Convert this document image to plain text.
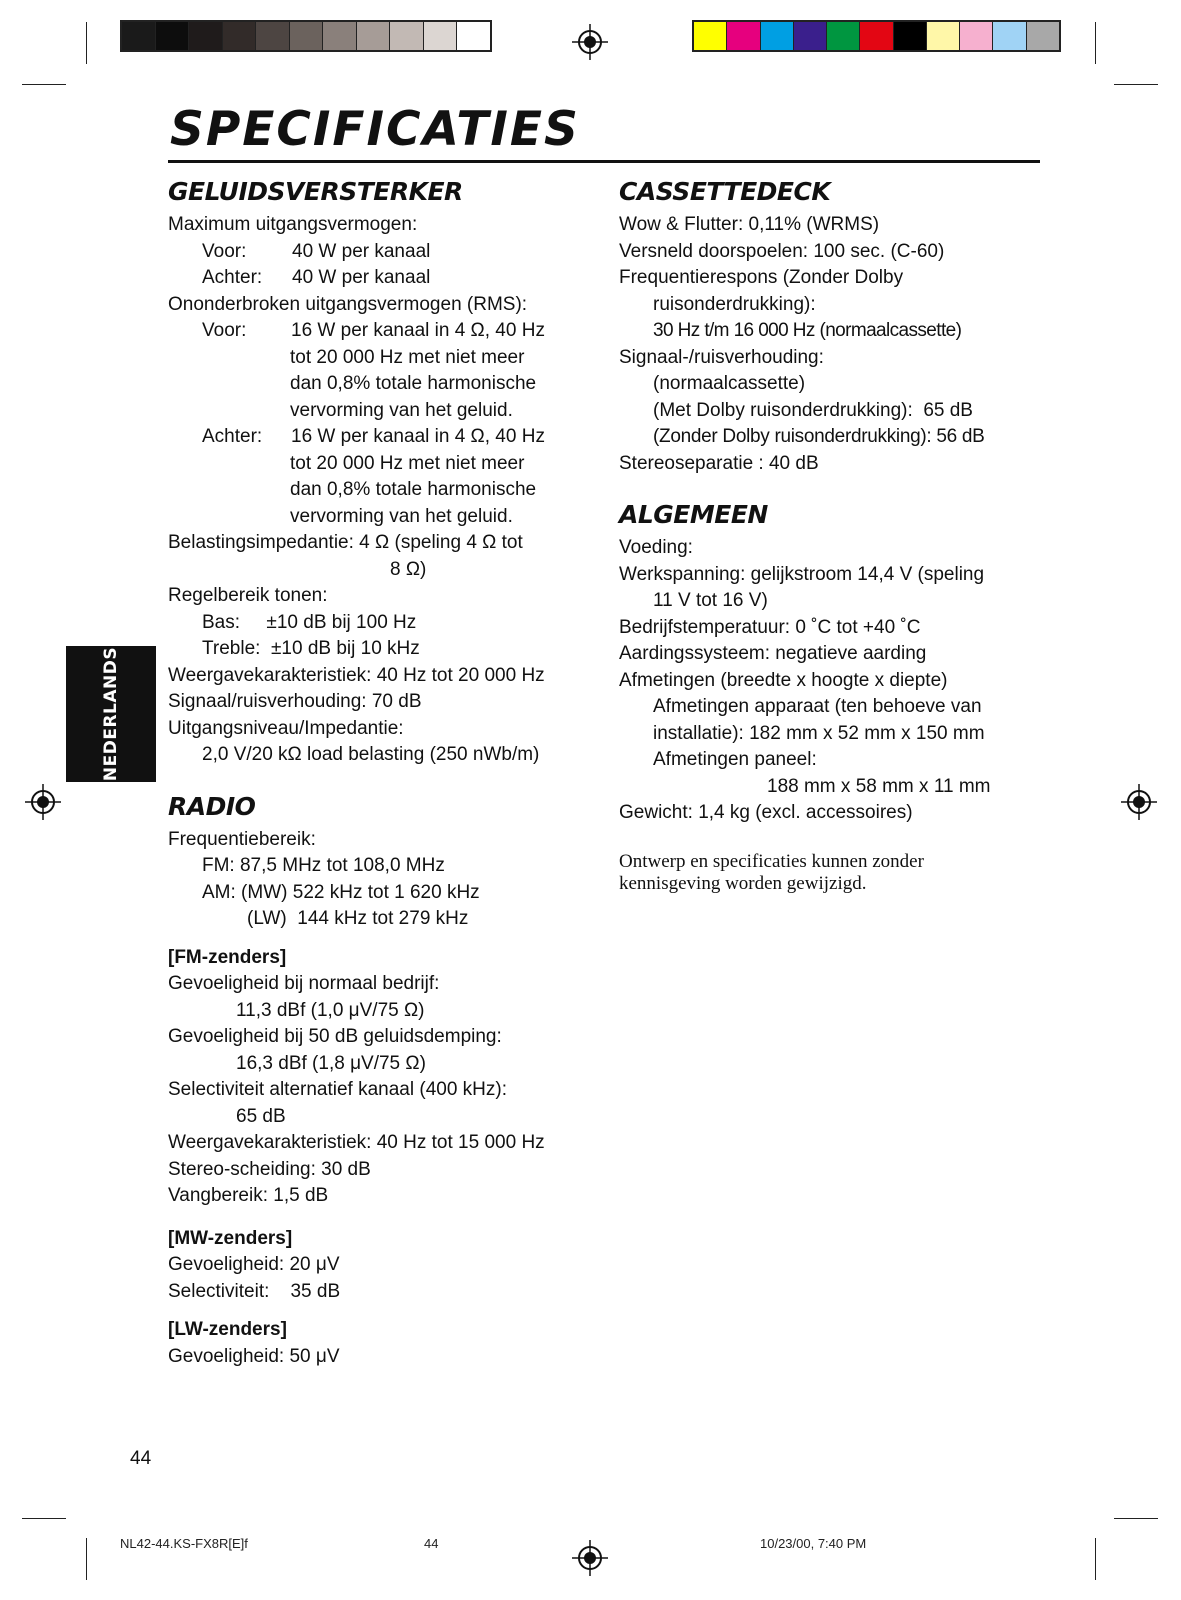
SPECIFICATIES
NEDERLANDS
GELUIDSVERSTERKER
Maximum uitgangsvermogen:
Voor:	40 W per kanaal
Achter:	40 W per kanaal
Ononderbroken uitgangsvermogen (RMS):
Voor:	16 W per kanaal in 4 Ω, 40 Hz
tot 20 000 Hz met niet meer
dan 0,8% totale harmonische
vervorming van het geluid.
Achter:	16 W per kanaal in 4 Ω, 40 Hz
tot 20 000 Hz met niet meer
dan 0,8% totale harmonische
vervorming van het geluid.
Belastingsimpedantie: 4 Ω (speling 4 Ω tot
8 Ω)
Regelbereik tonen:
Bas:     ±10 dB bij 100 Hz
Treble:  ±10 dB bij 10 kHz
Weergavekarakteristiek: 40 Hz tot 20 000 Hz
Signaal/ruisverhouding: 70 dB
Uitgangsniveau/Impedantie:
2,0 V/20 kΩ load belasting (250 nWb/m)
RADIO
Frequentiebereik:
FM: 87,5 MHz tot 108,0 MHz
AM: (MW) 522 kHz tot 1 620 kHz
(LW)  144 kHz tot 279 kHz
[FM-zenders]
Gevoeligheid bij normaal bedrijf:
11,3 dBf (1,0 μV/75 Ω)
Gevoeligheid bij 50 dB geluidsdemping:
16,3 dBf (1,8 μV/75 Ω)
Selectiviteit alternatief kanaal (400 kHz):
65 dB
Weergavekarakteristiek: 40 Hz tot 15 000 Hz
Stereo-scheiding: 30 dB
Vangbereik: 1,5 dB
[MW-zenders]
Gevoeligheid: 20 μV
Selectiviteit:    35 dB
[LW-zenders]
Gevoeligheid: 50 μV
CASSETTEDECK
Wow & Flutter: 0,11% (WRMS)
Versneld doorspoelen: 100 sec. (C-60)
Frequentierespons (Zonder Dolby
ruisonderdrukking):
30 Hz t/m 16 000 Hz (normaalcassette)
Signaal-/ruisverhouding:
(normaalcassette)
(Met Dolby ruisonderdrukking):  65 dB
(Zonder Dolby ruisonderdrukking): 56 dB
Stereoseparatie : 40 dB
ALGEMEEN
Voeding:
Werkspanning: gelijkstroom 14,4 V (speling
11 V tot 16 V)
Bedrijfstemperatuur: 0 ˚C tot +40 ˚C
Aardingssysteem: negatieve aarding
Afmetingen (breedte x hoogte x diepte)
Afmetingen apparaat (ten behoeve van
installatie): 182 mm x 52 mm x 150 mm
Afmetingen paneel:
188 mm x 58 mm x 11 mm
Gewicht: 1,4 kg (excl. accessoires)
Ontwerp en specificaties kunnen zonder
kennisgeving worden gewijzigd.
44
NL42-44.KS-FX8R[E]f	44	10/23/00, 7:40 PM
